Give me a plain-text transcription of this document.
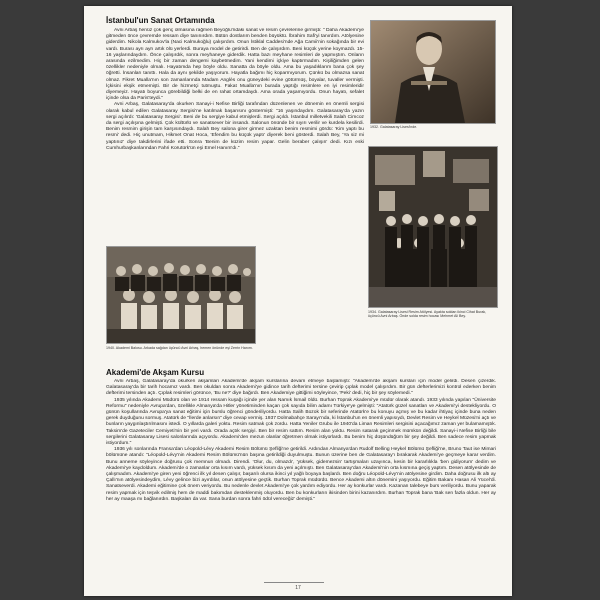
İstanbul'un Sanat Ortamında

Avni Arbaş henüz çok genç olmasına rağmen Beyoğlu'ndaki sanat ve resim çevrelerine girmişti: " Daha Akademi'ye gitmeden önce çevremde ressam diye tanınırdım. Bütün dostlarım benden büyüktü. İbrahim Safi'yi tanırdım. Atölyesine giderdim. Nikola Kalmukov'la (Naci Kalmukoğlu) çalışırdım. Onun İstiklal Caddesi'nde Ağa Camii'nin sokağında bir evi vardı. Burası ayrı ayrı artık ölü yerlerdi. Buraya model de getirirdi. Ben de çalışırdım. Beni küçük yerine koymazdı. 15-16 yaşlarındaydım. Önce çalışırdık, sonra meyhaneye giderdik. Hatta bazı meyhane resimleri de yapmıştım. Onların arasında ezilmedim. Hiç bir zaman dengemi kaybetmedim. Yani kendimi içkiye kaptırmadım. Kişiliğimden gelen özellikler nedeniyle olmalı. Hayatımda hep böyle oldu. Sanatta da böyle oldu. Ama bu yaşadıklarım bana çok şey öğretti. İnsanları tanıttı. Hala da aynı şekilde yaşıyorum. Hayatla bağımı hiç koparmıyorum. Çünkü bu olmazsa sanat olmaz. Fikret Mualla'nın son zamanlarında Madam Anglès onu güneydeki evine götürmüş, boyalar, tuvaller vermişti. İçkisini ekşik etmemişti. Bir de hizmetçi tutmuştu. Fakat Mualla'nın burada yaptığı resimlere en iyi resimleridir diyemeyiz. Hayatı boyunca görebildiği belki de en rahat ortamdaydı. Ama orada yaşamıyordu. Onun hayatı, sefalet içinde olsa da Paris'teydi."

Avni Arbaş, Galatasaray'da okurken Sanayi-i Nefise Birliği tarafından düzenlenen ve dönemin en önemli sergisi olarak kabul edilen Galatasaray Sergisi'ne katılmak başarısını göstermişti: "16 yaşındaydım. Galatasaray'da yazın sergi açılırdı: 'Galatasaray Sergisi'. Beni de bu sergiye kabul etmişlerdi. Sergi açıldı. İstanbul milletvekili Salah Cimcoz da sergi açılışına gelmişti. Çok kültürlü ve sanatsever bir insandı. Salonun önünde bir sıyırı verilir ve kurdela kesilirdi. Benim resmim girişin tam karşısındaydı. Salah Bey salona girer girmez uzaktan benim resmimi gördü: 'Kim yaptı bu resmi' dedi. Hiç unutmam, Hikmet Onat Hoca, 'Efendim bu küçük yaptı' diyerek beni gösterdi. Salah Bey, 'Ya siz mi yaptınız' diye takdirlerini ifade etti. Sonra 'Benim de küzim resim yapar. Gelin beraber çalışın' dedi. Kızı eski Cumhurbaşkanlarından Fahri Korutürk'ün eşi Emel Hanım'dı."

1932. Galatasaray Lisesi'nde.

1934. Galatasaray Lisesi Resim Atölyesi. Ayakta soldan ikinci Cihat Burak, üçüncü Avni Arbaş. Önde solda resim hocası Mehmet Ali Bey.

1940. Akademi Balosu. Arkada sağdan üçüncü Avni Arbaş, hemen önünde eşi Zerrin Hanım.

Akademi'de Akşam Kursu

Avni Arbaş, Galatasaray'da okurken akşamları Akademi'de akşam kurslarına devam etmeye başlamıştı: "Akademi'de akşam kursları için model gelirdi. Desen çizerdik. Galatasaray'da bir tarih hocamız vardı. Ben okuldan sonra Akademi'ye gidince tarih defterimi tersine çevirip çıplak model çalışırdım. Bir gün defterlerimizi kontrol ederken benim defterimi tersinden açtı. Çıplak resimleri görünce, 'Bu ne?' diye bağırdı. Ben Akademiye gittiğimi söyleyince, 'Peki' dedi, hiç bir şey söylemedi."

1935 yılında Akademi Müdürü olan ve 1914 ressam kuşağı içinde yer alan Namık İsmail öldü. Burhan Toprak Akademi'ye müdür olarak atandı. 1933 yılında yapılan "Üniversite Reformu" nedeniyle Avrupa'dan, özellikle Almanya'da Hitler yönetiminden kaçan çok sayıda bilim adamı Türkiye'ye gelmişti: "Atatürk güzel sanatları ve Akademi'yi destekliyordu. O günün koşullarında Avrupa'ya sanat eğitimi için burslu öğrenci gönderiliyordu. Hatta Salih Bozok bir seferinde Atatürk'e bu konuyu açmış ve bu kadar ihtiyaç içinde buna neden gerek duyduğunu sormuş. Atatürk de "İlerde anlarsın" diye cevap vermiş. 1937 Dolmabahçe Sarayı'nda, ki İstanbul'un en önemli yapısıydı, Devlet Resim ve Heykel Müzesi'ni açtı ve bunların yaygınlaştırılmasını istedi. O yıllarda galeri yoktu. Resim satmak çok zordu. Hatta Yeniler Grubu ile 1940'da Liman Resimleri sergisini açacağımız zaman yer bulamamıştık. Taksim'de Gazeteciler Cemiyeti'nin bir yeri vardı. Orada açtık sergiyi. Ben bir resim sattım. Resim alan yoktu. Resim satarak geçinmek mümkün değildi. Sanayi-i Nefise Birliği bile sergilerini Galatasaray Lisesi salonlarında açıyordu. Akademi'den mezun olanlar öğretmen olmak istiyorlardı. Bu benim hiç düşündüğüm bir şey değildi. Ben sadece resim yapmak istiyordum."

1936 yılı sonlarında Fransa'dan Léopold-Lévy Akademi Resim Bölümü Şefliği'ne getirildi. Ardından Almanya'dan Rudolf Belling Heykel Bölümü Şefliği'ne, Bruno Taut ise Mimari bölümüne atandı: "Léopold-Lévy'nin Akademi Resim Bölümü'nün başına getirildiği duyulmuştu. Bunun üzerine ben de Galatasaray'ı bırakarak Akademi'ye geçmeye karar verdim. Bunu anneme söyleyince doğrusu çok memnun olmadı. Direndi. 'Olur, du, olmazdı', 'yüksek, gidemezsin' tartışmaları uzayınca, kesin bir kararlılıkla 'ben gidiyorum' dedim ve Akademi'ye kaydoldum. Akademi'de o zamanlar orta kısım vardı, yüksek kısım da yeni açılmıştı. Ben Galatasaray'dan Akademi'nin orta kısmına geçiş yaptım. Desen atölyesinde de çalışmadım. Akademi'ye giren yeni öğrenci ilk yıl desen çalışır, başarılı olursa ikinci yıl yağlı boyaya başlardı. Ben doğru Léopold-Lévy'nin atölyesine girdim. Daha doğrusu ilk altı ay Çallı'nın atölyesindeydim, Lévy gelince bizi ayırdılar, onun atölyesine geçtik. Burhan Toprak müdürdü. Bence Akademi altın dönemini yaşıyordu. Eğitim Bakanı Hasan Ali Yücel'di. Sanatseverdi. Akademi eğitimine çok önem veriyordu. Bu nedenle devlet Akademi'ye çok yardım ediyordu. Her ay konkurlar vardı. Kazanan talebeye burs veriliyordu. Bunu yaparak resim yapmak için teşvik edilmiş hem de maddi bakımdan desteklenmiş oluyordu. Ben bu konkurların ikisinden birini kazanırdım. Burhan Toprak bana 'Bak sen fazla oldun. Her ay her ay maaşa mı bağlanırdın. Başkaları da var. Sana burdan sonra fahri ödül vereceğiz' demişti."

17
